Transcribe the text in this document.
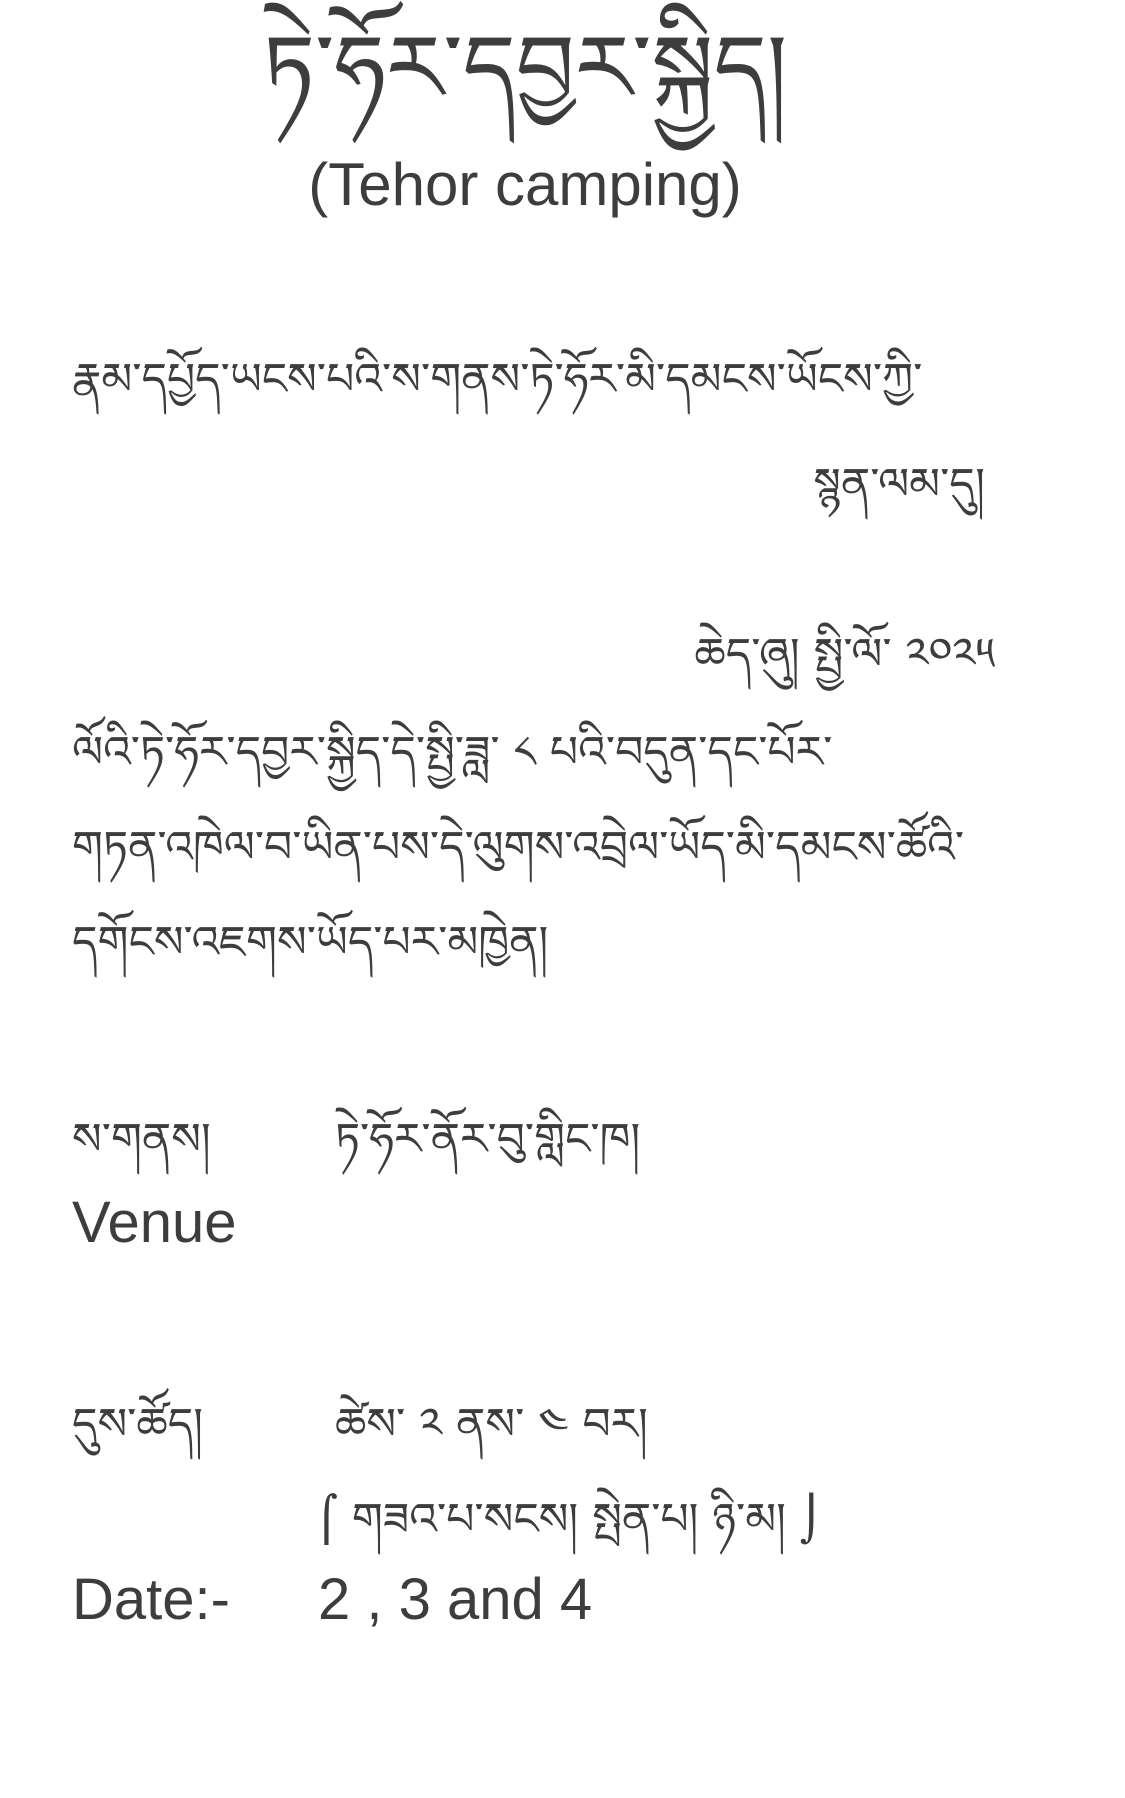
ཏེ་ཧོར་དབྱར་སྐྱིད།
(Tehor camping)
རྣམ་དཔྱོད་ཡངས་པའི་ས་གནས་ཏེ་ཧོར་མི་དམངས་ཡོངས་ཀྱི་
སྙན་ལམ་དུ།
ཆེད་ཞུ། སྤྱི་ལོ་ ༢༠༢༥
ལོའི་ཏེ་ཧོར་དབྱར་སྐྱིད་དེ་སྤྱི་ཟླ་ ༨ པའི་བདུན་དང་པོར་
གཏན་འཁེལ་བ་ཡིན་པས་དེ་ལུགས་འབྲེལ་ཡོད་མི་དམངས་ཚོའི་
དགོངས་འཇགས་ཡོད་པར་མཁྱེན།
ས་གནས།	ཏེ་ཧོར་ནོར་བུ་གླིང་ཁ།
Venue
དུས་ཚོད།	ཚེས་ ༢ ནས་ ༤ བར།
⌠ གཟའ་པ་སངས། སྤེན་པ། ཉི་མ། ⌡
Date:- 2 , 3 and 4
